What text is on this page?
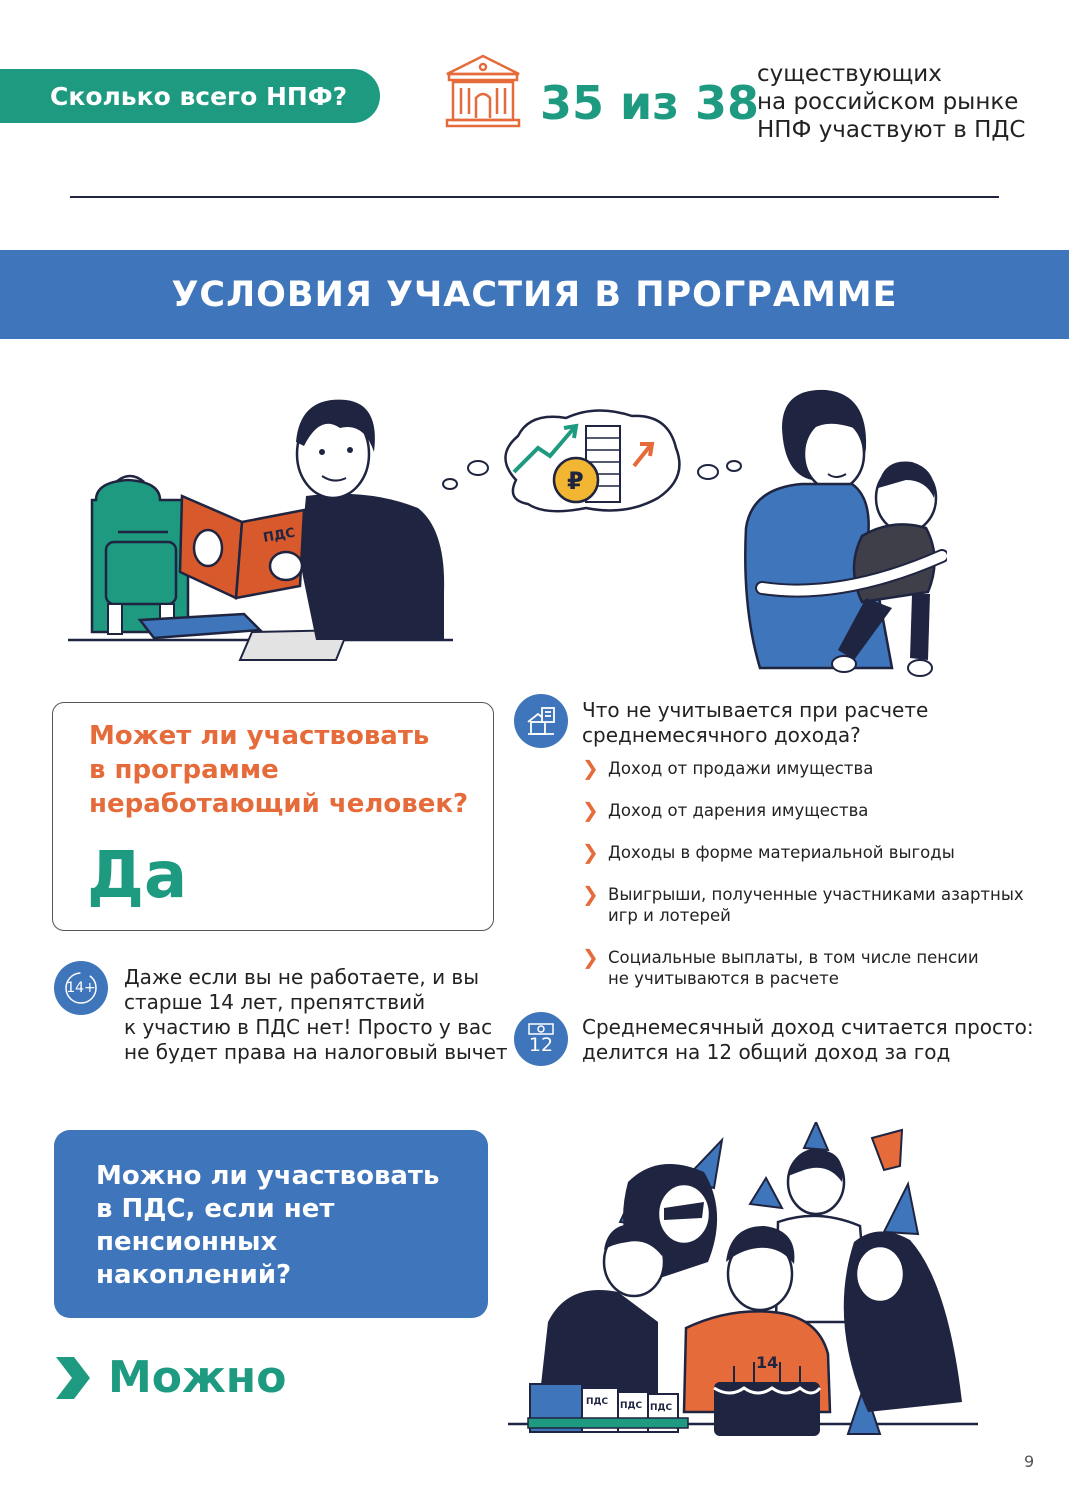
Сколько всего НПФ?	35 из 38
существующих
на российском рынке
НПФ участвуют в ПДС
УСЛОВИЯ УЧАСТИЯ В ПРОГРАММЕ
ПДС
₽
Может ли участвовать
в программе
неработающий человек?
Да
14+ Даже если вы не работаете, и вы
старше 14 лет, препятствий
к участию в ПДС нет! Просто у вас
не будет права на налоговый вычет
Что не учитывается при расчете
среднемесячного дохода?
❯ Доход от продажи имущества
❯ Доход от дарения имущества
❯ Доходы в форме материальной выгоды
❯ Выигрыши, полученные участниками азартных
игр и лотерей
❯ Социальные выплаты, в том числе пенсии
не учитываются в расчете
12
Среднемесячный доход считается просто:
делится на 12 общий доход за год
Можно ли участвовать
в ПДС, если нет
пенсионных
накоплений?
Можно	14
ПДС ПДС ПДС
9
